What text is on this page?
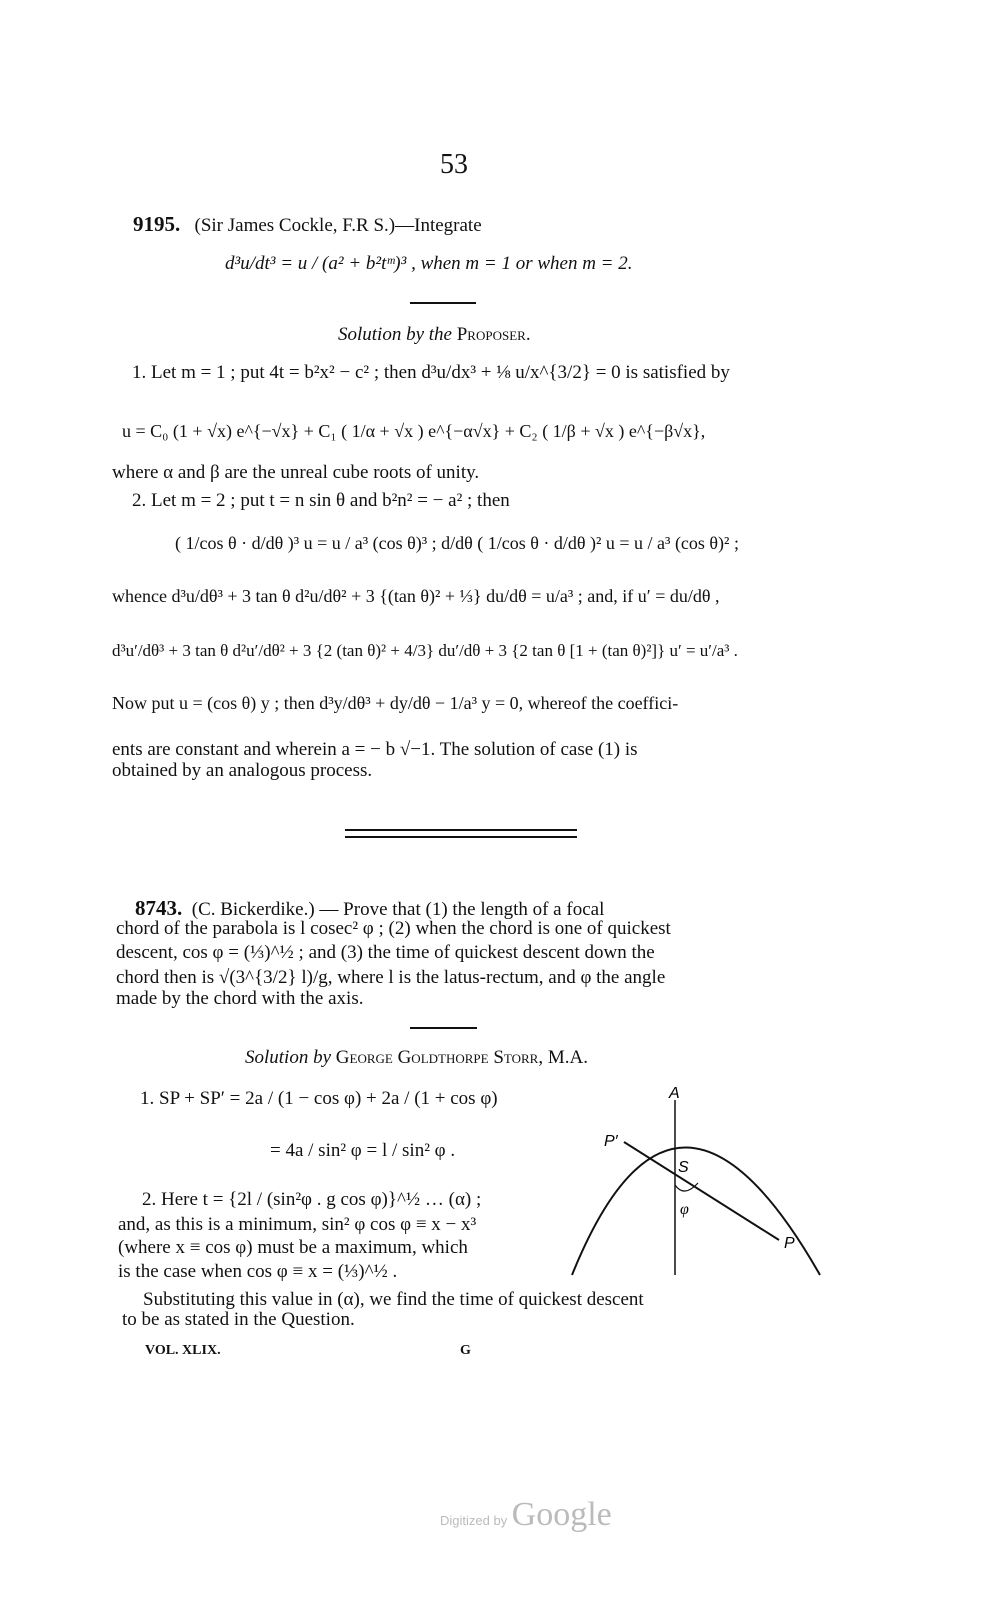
53
9195. (Sir James Cockle, F.R S.)—Integrate
d³u/dt³ = u / (a² + b²tᵐ)³ , when m = 1 or when m = 2.
Solution by the Proposer.
1. Let m = 1 ; put 4t = b²x² − c² ; then d³u/dx³ + ⅛ u/x^{3/2} = 0 is satisfied by
u = C₀ (1 + √x) e^{−√x} + C₁ ( 1/α + √x ) e^{−α√x} + C₂ ( 1/β + √x ) e^{−β√x},
where α and β are the unreal cube roots of unity.
2. Let m = 2 ; put t = n sin θ and b²n² = − a² ; then
( 1/cos θ · d/dθ )³ u = u / a³ (cos θ)³ ; d/dθ ( 1/cos θ · d/dθ )² u = u / a³ (cos θ)² ;
whence d³u/dθ³ + 3 tan θ d²u/dθ² + 3 {(tan θ)² + ⅓} du/dθ = u/a³ ; and, if u′ = du/dθ ,
d³u′/dθ³ + 3 tan θ d²u′/dθ² + 3 {2 (tan θ)² + 4/3} du′/dθ + 3 {2 tan θ [1 + (tan θ)²]} u′ = u′/a³ .
Now put u = (cos θ) y ; then d³y/dθ³ + dy/dθ − 1/a³ y = 0, whereof the coeffici-
ents are constant and wherein a = − b √−1. The solution of case (1) is
obtained by an analogous process.
8743. (C. Bickerdike.) — Prove that (1) the length of a focal
chord of the parabola is l cosec² φ ; (2) when the chord is one of quickest
descent, cos φ = (⅓)^½ ; and (3) the time of quickest descent down the
chord then is √(3^{3/2} l)/g, where l is the latus-rectum, and φ the angle
made by the chord with the axis.
Solution by George Goldthorpe Storr, M.A.
1. SP + SP′ = 2a / (1 − cos φ) + 2a / (1 + cos φ)
= 4a / sin² φ = l / sin² φ .
2. Here t = {2l / (sin²φ . g cos φ)}^½ … (α) ;
and, as this is a minimum, sin² φ cos φ ≡ x − x³
(where x ≡ cos φ) must be a maximum, which
is the case when cos φ ≡ x = (⅓)^½ .
Substituting this value in (α), we find the time of quickest descent
to be as stated in the Question.
A
P′
S
φ
P
VOL. XLIX.	G
Digitized by Google
